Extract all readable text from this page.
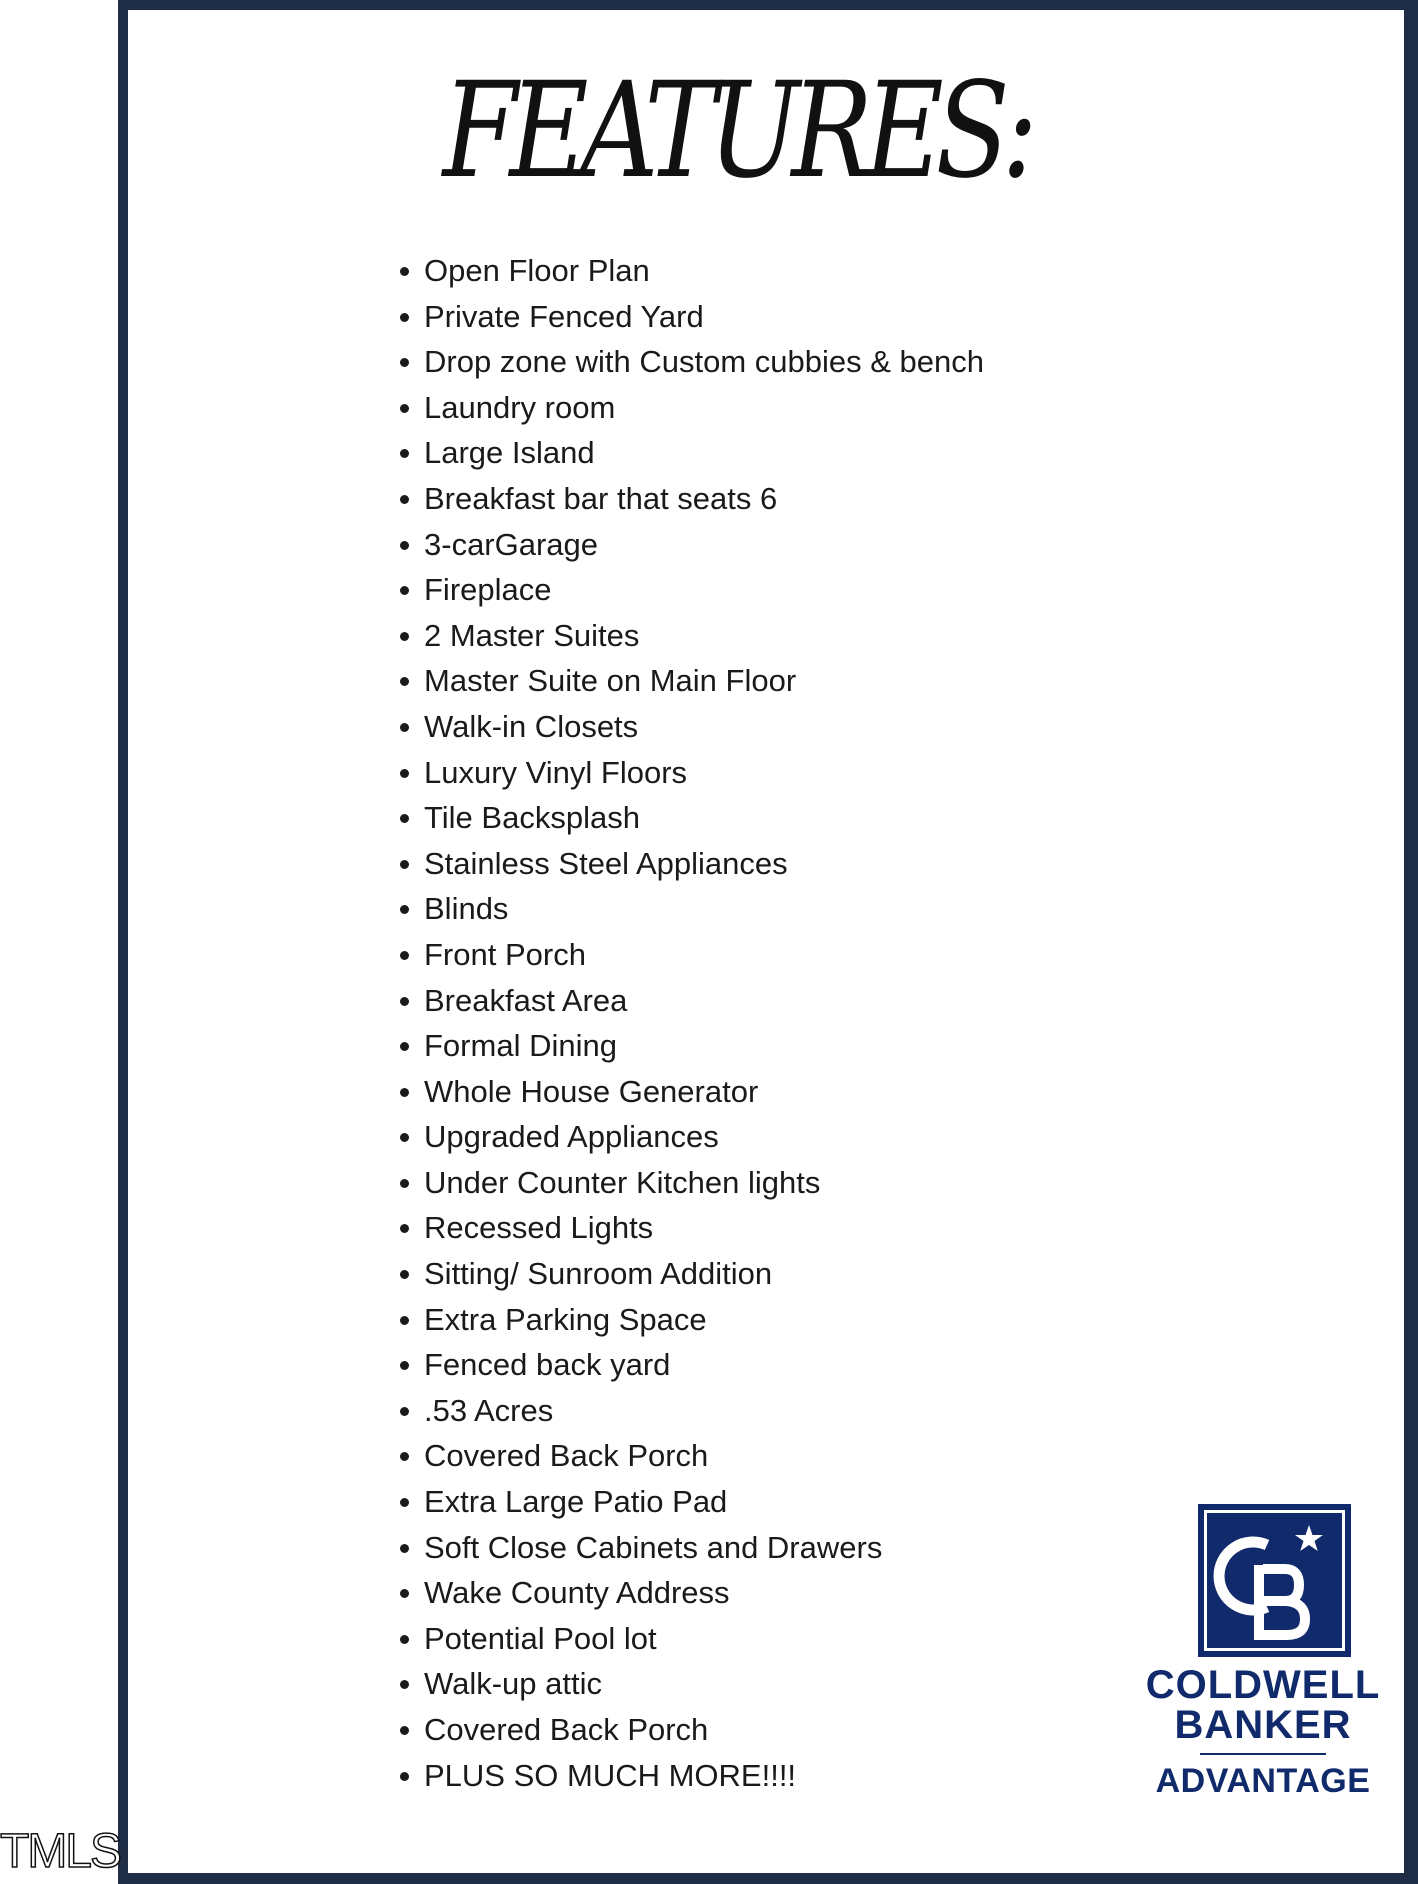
FEATURES:
Open Floor Plan
Private Fenced Yard
Drop zone with Custom cubbies & bench
Laundry room
Large Island
Breakfast bar that seats 6
3-carGarage
Fireplace
2 Master Suites
Master Suite on Main Floor
Walk-in Closets
Luxury Vinyl Floors
Tile Backsplash
Stainless Steel Appliances
Blinds
Front Porch
Breakfast Area
Formal Dining
Whole House Generator
Upgraded Appliances
Under Counter Kitchen lights
Recessed Lights
Sitting/ Sunroom Addition
Extra Parking Space
Fenced back yard
.53 Acres
Covered Back Porch
Extra Large Patio Pad
Soft Close Cabinets and Drawers
Wake County Address
Potential Pool lot
Walk-up attic
Covered Back Porch
PLUS SO MUCH MORE!!!!
COLDWELL
BANKER
ADVANTAGE
TMLS
